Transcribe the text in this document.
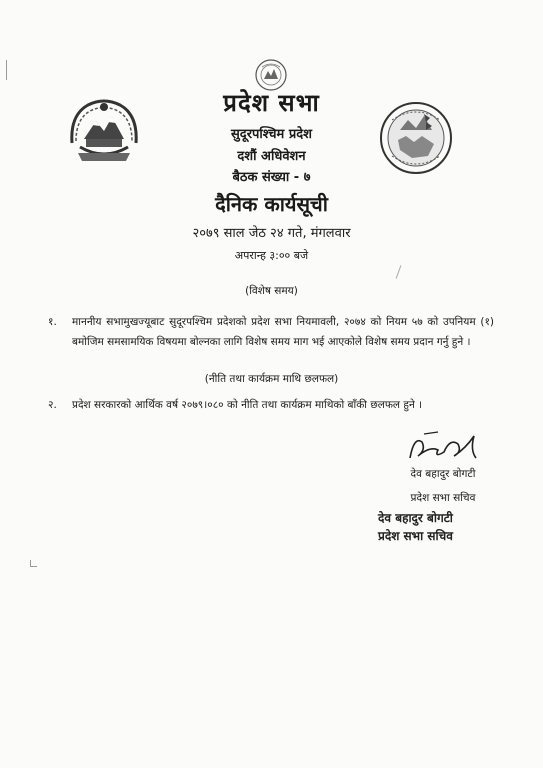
प्रदेश सभा
सुदूरपश्चिम प्रदेश
दशौं अधिवेशन
बैठक संख्या - ७
दैनिक कार्यसूची
२०७९ साल जेठ २४ गते, मंगलवार
अपरान्ह ३:०० बजे
(विशेष समय)
१.	माननीय सभामुखज्यूबाट सुदूरपश्चिम प्रदेशको प्रदेश सभा नियमावली, २०७४ को नियम ५७ को उपनियम (१) बमोजिम समसामयिक विषयमा बोल्नका लागि विशेष समय माग भई आएकोले विशेष समय प्रदान गर्नु हुने ।
(नीति तथा कार्यक्रम माथि छलफल)
२.	प्रदेश सरकारको आर्थिक वर्ष २०७९।०८० को नीति तथा कार्यक्रम माथिको बाँकी छलफल हुने ।
देव बहादुर बोगटी
प्रदेश सभा सचिव
देव बहादुर बोगटी
प्रदेश सभा सचिव
